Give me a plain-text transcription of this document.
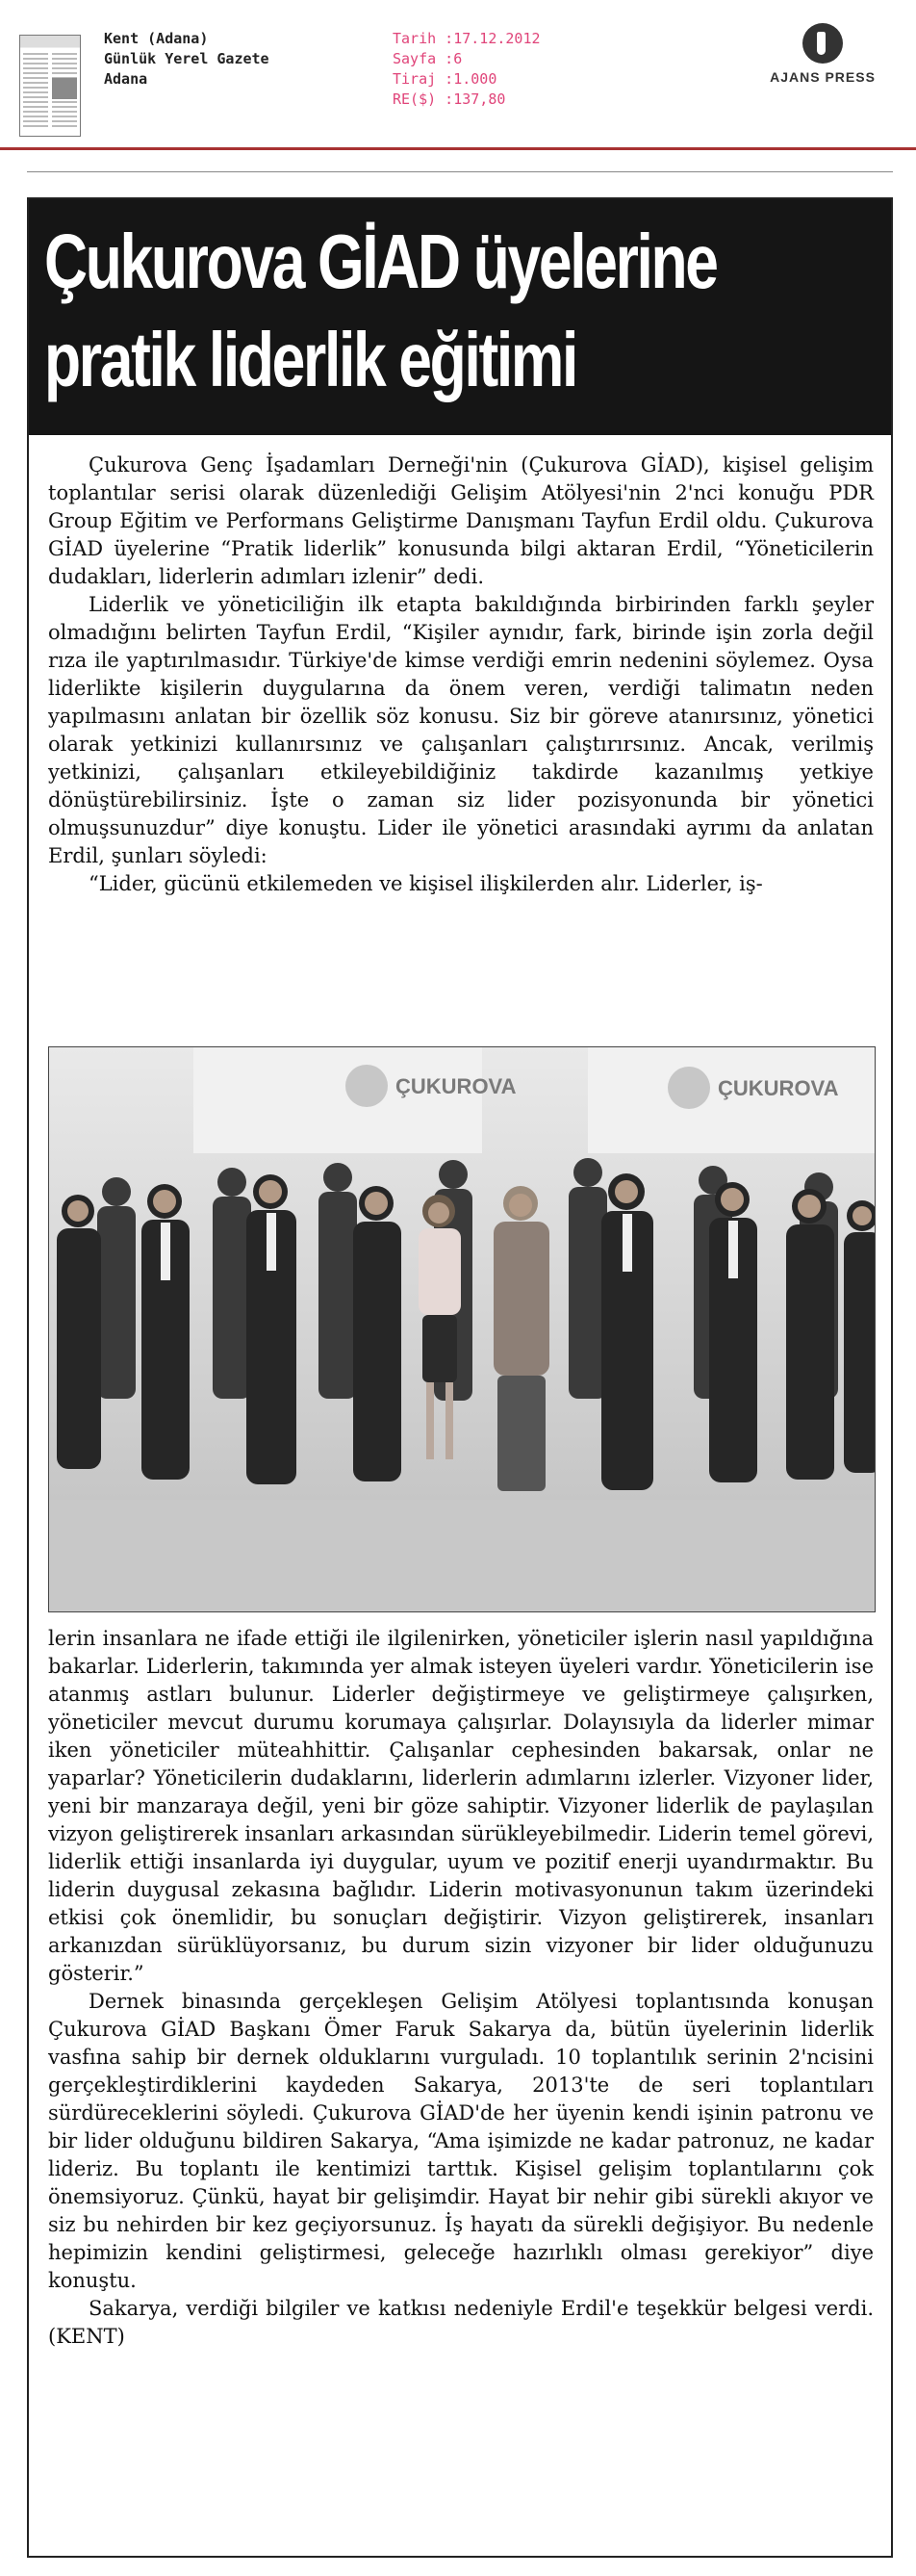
Kent (Adana)
Günlük Yerel Gazete
Adana
Tarih :17.12.2012
Sayfa :6
Tiraj :1.000
RE($) :137,80
AJANS PRESS
Çukurova GİAD üyelerine
pratik liderlik eğitimi

Çukurova Genç İşadamları Derneği'nin (Çukurova GİAD), kişisel gelişim toplantılar serisi olarak düzenlediği Gelişim Atölyesi'nin 2'nci konuğu PDR Group Eğitim ve Performans Geliştirme Danışmanı Tayfun Erdil oldu. Çukurova GİAD üyelerine “Pratik liderlik” konusunda bilgi aktaran Erdil, “Yöneticilerin dudakları, liderlerin adımları izlenir” dedi.

Liderlik ve yöneticiliğin ilk etapta bakıldığında birbirinden farklı şeyler olmadığını belirten Tayfun Erdil, “Kişiler aynıdır, fark, birinde işin zorla değil rıza ile yaptırılmasıdır. Türkiye'de kimse verdiği emrin nedenini söylemez. Oysa liderlikte kişilerin duygularına da önem veren, verdiği talimatın neden yapılmasını anlatan bir özellik söz konusu. Siz bir göreve atanırsınız, yönetici olarak yetkinizi kullanırsınız ve çalışanları çalıştırırsınız. Ancak, verilmiş yetkinizi, çalışanları etkileyebildiğiniz takdirde kazanılmış yetkiye dönüştürebilirsiniz. İşte o zaman siz lider pozisyonunda bir yönetici olmuşsunuzdur” diye konuştu. Lider ile yönetici arasındaki ayrımı da anlatan Erdil, şunları söyledi:

“Lider, gücünü etkilemeden ve kişisel ilişkilerden alır. Liderler, iş-

ÇUKUROVA	ÇUKUROVA

lerin insanlara ne ifade ettiği ile ilgilenirken, yöneticiler işlerin nasıl yapıldığına bakarlar. Liderlerin, takımında yer almak isteyen üyeleri vardır. Yöneticilerin ise atanmış astları bulunur. Liderler değiştirmeye ve geliştirmeye çalışırken, yöneticiler mevcut durumu korumaya çalışırlar. Dolayısıyla da liderler mimar iken yöneticiler müteahhittir. Çalışanlar cephesinden bakarsak, onlar ne yaparlar? Yöneticilerin dudaklarını, liderlerin adımlarını izlerler. Vizyoner lider, yeni bir manzaraya değil, yeni bir göze sahiptir. Vizyoner liderlik de paylaşılan vizyon geliştirerek insanları arkasından sürükleyebilmedir. Liderin temel görevi, liderlik ettiği insanlarda iyi duygular, uyum ve pozitif enerji uyandırmaktır. Bu liderin duygusal zekasına bağlıdır. Liderin motivasyonunun takım üzerindeki etkisi çok önemlidir, bu sonuçları değiştirir. Vizyon geliştirerek, insanları arkanızdan sürüklüyorsanız, bu durum sizin vizyoner bir lider olduğunuzu gösterir.”

Dernek binasında gerçekleşen Gelişim Atölyesi toplantısında konuşan Çukurova GİAD Başkanı Ömer Faruk Sakarya da, bütün üyelerinin liderlik vasfına sahip bir dernek olduklarını vurguladı. 10 toplantılık serinin 2'ncisini gerçekleştirdiklerini kaydeden Sakarya, 2013'te de seri toplantıları sürdüreceklerini söyledi. Çukurova GİAD'de her üyenin kendi işinin patronu ve bir lider olduğunu bildiren Sakarya, “Ama işimizde ne kadar patronuz, ne kadar lideriz. Bu toplantı ile kentimizi tarttık. Kişisel gelişim toplantılarını çok önemsiyoruz. Çünkü, hayat bir gelişimdir. Hayat bir nehir gibi sürekli akıyor ve siz bu nehirden bir kez geçiyorsunuz. İş hayatı da sürekli değişiyor. Bu nedenle hepimizin kendini geliştirmesi, geleceğe hazırlıklı olması gerekiyor” diye konuştu.

Sakarya, verdiği bilgiler ve katkısı nedeniyle Erdil'e teşekkür belgesi verdi.(KENT)
